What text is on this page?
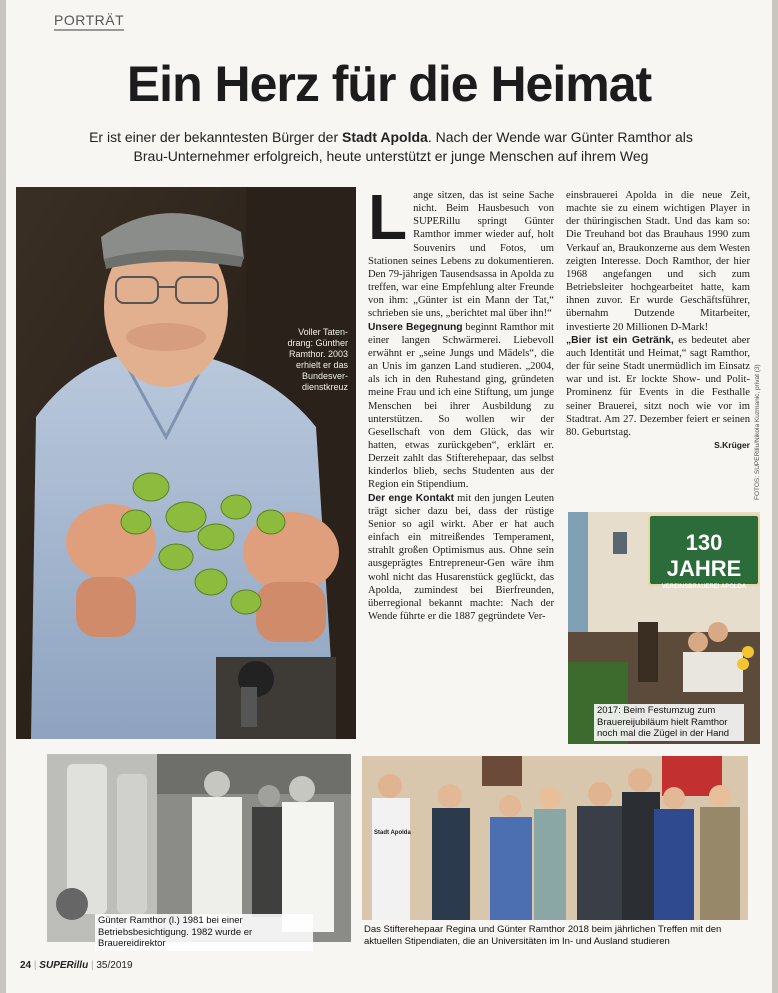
PORTRÄT
Ein Herz für die Heimat
Er ist einer der bekanntesten Bürger der Stadt Apolda. Nach der Wende war Günter Ramthor als Brau-Unternehmer erfolgreich, heute unterstützt er junge Menschen auf ihrem Weg
Voller Taten-drang: Günther Ramthor. 2003 erhielt er das Bundesver-dienstkreuz
L ange sitzen, das ist seine Sache nicht. Beim Hausbesuch von SUPERillu springt Günter Ramthor immer wieder auf, holt Souvenirs und Fotos, um Stationen seines Lebens zu dokumentieren. Den 79-jährigen Tausendsassa in Apolda zu treffen, war eine Empfehlung alter Freunde von ihm: „Günter ist ein Mann der Tat,“ schrieben sie uns, „berichtet mal über ihn!“

Unsere Begegnung beginnt Ramthor mit einer langen Schwärmerei. Liebevoll erwähnt er „seine Jungs und Mädels“, die an Unis im ganzen Land studieren. „2004, als ich in den Ruhestand ging, gründeten meine Frau und ich eine Stiftung, um junge Menschen bei ihrer Ausbildung zu unterstützen. So wollen wir der Gesellschaft von dem Glück, das wir hatten, etwas zurückgeben“, erklärt er. Derzeit zahlt das Stifterehepaar, das selbst kinderlos blieb, sechs Studenten aus der Region ein Stipendium.

Der enge Kontakt mit den jungen Leuten trägt sicher dazu bei, dass der rüstige Senior so agil wirkt. Aber er hat auch einfach ein mitreißendes Temperament, strahlt großen Optimismus aus. Ohne sein ausgeprägtes Entrepreneur-Gen wäre ihm wohl nicht das Husarenstück geglückt, das Apolda, zumindest bei Bierfreunden, überregional bekannt machte: Nach der Wende führte er die 1887 gegründete Ver-

einsbrauerei Apolda in die neue Zeit, machte sie zu einem wichtigen Player in der thüringischen Stadt. Und das kam so: Die Treuhand bot das Brauhaus 1990 zum Verkauf an, Braukonzerne aus dem Westen zeigten Interesse. Doch Ramthor, der hier 1968 angefangen und sich zum Betriebsleiter hochgearbeitet hatte, kam ihnen zuvor. Er wurde Geschäftsführer, übernahm Dutzende Mitarbeiter, investierte 20 Millionen D-Mark!

„Bier ist ein Getränk, es bedeutet aber auch Identität und Heimat,“ sagt Ramthor, der für seine Stadt unermüdlich im Einsatz war und ist. Er lockte Show- und Polit-Prominenz für Events in die Festhalle seiner Brauerei, sitzt noch wie vor im Stadtrat. Am 27. Dezember feiert er seinen 80. Geburtstag.

S.Krüger FOTOS: SUPERillu/Nikola Kuzmanic, privat (3)
130 JAHRE
VEREINSBRAUEREI APOLDA
2017: Beim Festumzug zum Brauereijubiläum hielt Ramthor noch mal die Zügel in der Hand
Günter Ramthor (l.) 1981 bei einer Betriebsbesichtigung. 1982 wurde er Brauereidirektor
Stadt Apolda
Das Stifterehepaar Regina und Günter Ramthor 2018 beim jährlichen Treffen mit den aktuellen Stipendiaten, die an Universitäten im In- und Ausland studieren
24 | SUPERillu | 35/2019
